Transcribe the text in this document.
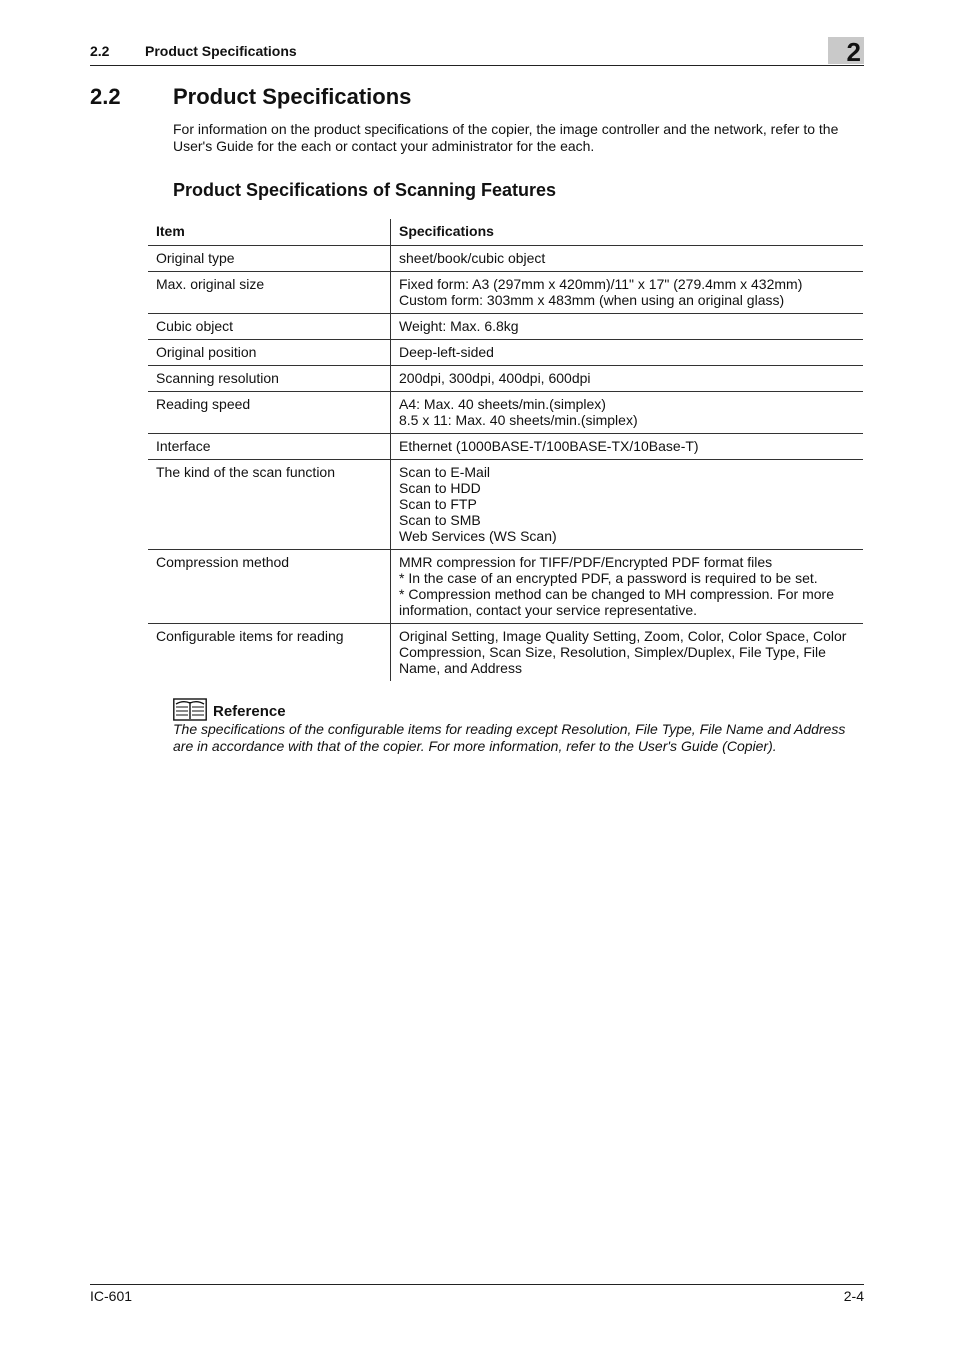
2.2	Product Specifications	2
2.2 Product Specifications

For information on the product specifications of the copier, the image controller and the network, refer to the User's Guide for the each or contact your administrator for the each.

Product Specifications of Scanning Features
Item	Specifications
Original type	sheet/book/cubic object

Max. original size	Fixed form: A3 (297mm x 420mm)/11" x 17" (279.4mm x 432mm)
Custom form: 303mm x 483mm (when using an original glass)

Cubic object	Weight: Max. 6.8kg

Original position	Deep-left-sided

Scanning resolution	200dpi, 300dpi, 400dpi, 600dpi

Reading speed	A4: Max. 40 sheets/min.(simplex)
8.5 x 11: Max. 40 sheets/min.(simplex)

Interface	Ethernet (1000BASE-T/100BASE-TX/10Base-T)

The kind of the scan function	Scan to E-Mail
Scan to HDD
Scan to FTP
Scan to SMB
Web Services (WS Scan)

Compression method	MMR compression for TIFF/PDF/Encrypted PDF format files
* In the case of an encrypted PDF, a password is required to be set.
* Compression method can be changed to MH compression. For more information, contact your service representative.

Configurable items for reading	Original Setting, Image Quality Setting, Zoom, Color, Color Space, Color Compression, Scan Size, Resolution, Simplex/Duplex, File Type, File Name, and Address
Reference

The specifications of the configurable items for reading except Resolution, File Type, File Name and Address are in accordance with that of the copier. For more information, refer to the User's Guide (Copier).

IC-601	2-4
